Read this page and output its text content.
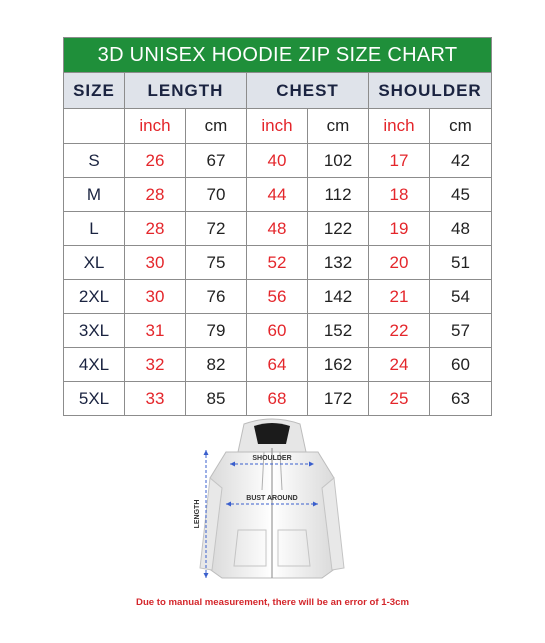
3D UNISEX HOODIE ZIP SIZE CHART						
SIZE	LENGTH		CHEST		SHOULDER	
	inch	cm	inch	cm	inch	cm
S	26	67	40	102	17	42
M	28	70	44	112	18	45
L	28	72	48	122	19	48
XL	30	75	52	132	20	51
2XL	30	76	56	142	21	54
3XL	31	79	60	152	22	57
4XL	32	82	64	162	24	60
5XL	33	85	68	172	25	63
SHOULDER
BUST AROUND
LENGTH
Due to manual measurement, there will be an error of 1-3cm
